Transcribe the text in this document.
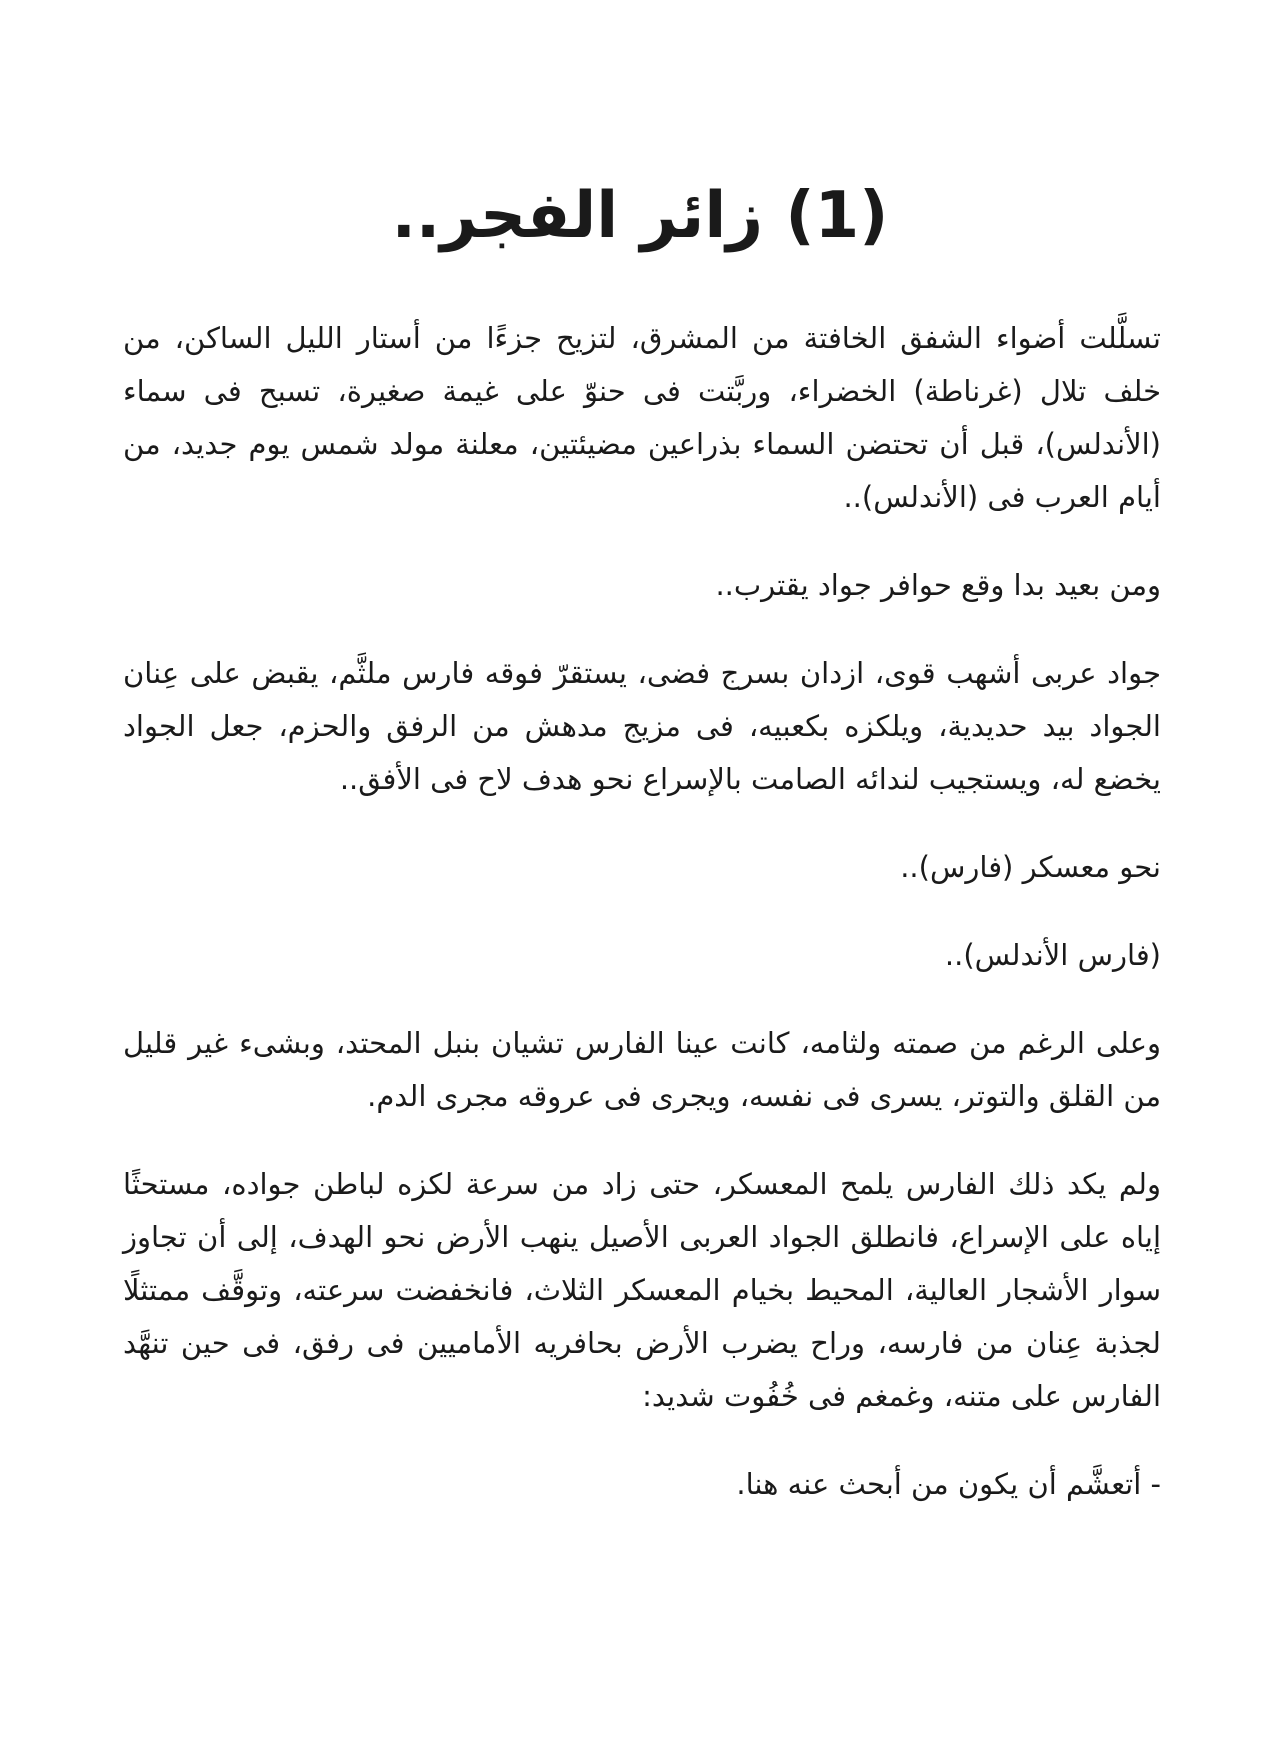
(1) زائر الفجر..

تسلَّلت أضواء الشفق الخافتة من المشرق، لتزيح جزءًا من أستار الليل الساكن، من خلف تلال (غرناطة) الخضراء، وربَّتت فى حنوّ على غيمة صغيرة، تسبح فى سماء (الأندلس)، قبل أن تحتضن السماء بذراعين مضيئتين، معلنة مولد شمس يوم جديد، من أيام العرب فى (الأندلس)..

ومن بعيد بدا وقع حوافر جواد يقترب..

جواد عربى أشهب قوى، ازدان بسرج فضى، يستقرّ فوقه فارس ملثَّم، يقبض على عِنان الجواد بيد حديدية، ويلكزه بكعبيه، فى مزيج مدهش من الرفق والحزم، جعل الجواد يخضع له، ويستجيب لندائه الصامت بالإسراع نحو هدف لاح فى الأفق..

نحو معسكر (فارس)..

(فارس الأندلس)..

وعلى الرغم من صمته ولثامه، كانت عينا الفارس تشيان بنبل المحتد، وبشىء غير قليل من القلق والتوتر، يسرى فى نفسه، ويجرى فى عروقه مجرى الدم.

ولم يكد ذلك الفارس يلمح المعسكر، حتى زاد من سرعة لكزه لباطن جواده، مستحثًا إياه على الإسراع، فانطلق الجواد العربى الأصيل ينهب الأرض نحو الهدف، إلى أن تجاوز سوار الأشجار العالية، المحيط بخيام المعسكر الثلاث، فانخفضت سرعته، وتوقَّف ممتثلًا لجذبة عِنان من فارسه، وراح يضرب الأرض بحافريه الأماميين فى رفق، فى حين تنهَّد الفارس على متنه، وغمغم فى خُفُوت شديد:

- أتعشَّم أن يكون من أبحث عنه هنا.
